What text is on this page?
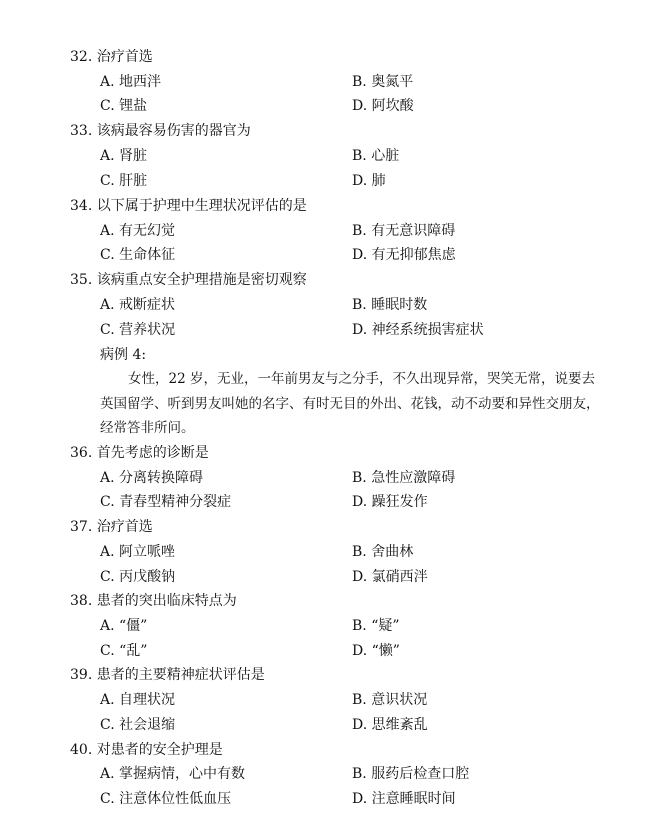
32. 治疗首选
A. 地西泮	B. 奥氮平
C. 锂盐	D. 阿坎酸
33. 该病最容易伤害的器官为
A. 肾脏	B. 心脏
C. 肝脏	D. 肺
34. 以下属于护理中生理状况评估的是
A. 有无幻觉	B. 有无意识障碍
C. 生命体征	D. 有无抑郁焦虑
35. 该病重点安全护理措施是密切观察
A. 戒断症状	B. 睡眠时数
C. 营养状况	D. 神经系统损害症状
病例 4:
女性，22 岁，无业，一年前男友与之分手，不久出现异常，哭笑无常，说要去
英国留学、听到男友叫她的名字、有时无目的外出、花钱，动不动要和异性交朋友，
经常答非所问。
36. 首先考虑的诊断是
A. 分离转换障碍	B. 急性应激障碍
C. 青春型精神分裂症	D. 躁狂发作
37. 治疗首选
A. 阿立哌唑	B. 舍曲林
C. 丙戊酸钠	D. 氯硝西泮
38. 患者的突出临床特点为
A. “僵”	B. “疑”
C. “乱”	D. “懒”
39. 患者的主要精神症状评估是
A. 自理状况	B. 意识状况
C. 社会退缩	D. 思维紊乱
40. 对患者的安全护理是
A. 掌握病情，心中有数	B. 服药后检查口腔
C. 注意体位性低血压	D. 注意睡眠时间
